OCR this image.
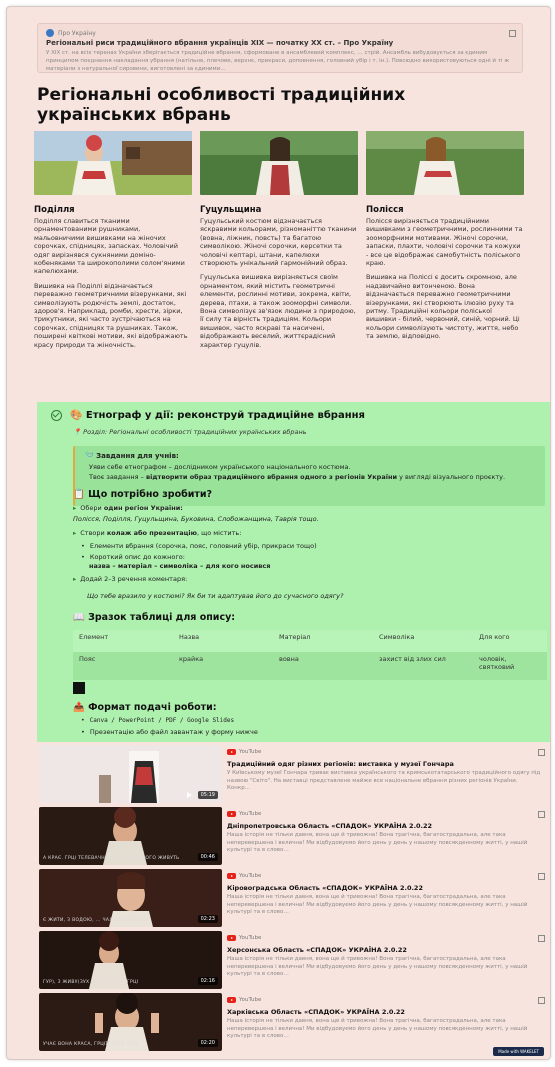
Про Україну
Регіональні риси традиційного вбрання українців XIX — початку XX ст. – Про Україну
У XIX ст. на всіх теренах України зберігається традиційне вбрання, сформоване в ансамблевий комплекс, … стрій. Ансамбль вибудовується за єдиним принципом поєднання накладання убрання (натільне, плечове, верхнє, прикраси, доповнення, головний убір і т. ін.). Повсюдно використовуються одні й ті ж матеріали з натуральної сировини, виготовлені за єдиними…
Регіональні особливості традиційних українських вбрань
Поділля

Поділля славиться тканими орнаментованими рушниками, мальовничими вишивками на жіночих сорочках, спідницях, запасках. Чоловічий одяг вирізнявся сукняними доміно-кобеняками та широкополими солом'яними капелюхами.

Вишивка на Поділлі відзначається переважно геометричними візерунками, які символізують родючість землі, достаток, здоров'я. Наприклад, ромби, хрести, зірки, трикутники, які часто зустрічаються на сорочках, спідницях та рушниках. Також, поширені квіткові мотиви, які відображають красу природи та жіночність.

Гуцульщина

Гуцульський костюм відзначається яскравими кольорами, різноманіттю тканини (вовна, ліжник, повсть) та багатою символікою. Жіночі сорочки, керсетки та чоловічі кептарі, штани, капелюхи створюють унікальний гармонійний образ.

Гуцульська вишивка вирізняється своїм орнаментом, який містить геометричні елементи, рослинні мотиви, зокрема, квіти, дерева, птахи, а також зооморфні символи. Вона символізує зв'язок людини з природою, її силу та вірність традиціям. Кольори вишивок, часто яскраві та насичені, відображають веселий, життєрадісний характер гуцулів.

Полісся

Полісся вирізняється традиційними вишивками з геометричними, рослинними та зооморфними мотивами. Жіночі сорочки, запаски, плахти, чоловічі сорочки та кожухи - все це відображає самобутність поліського краю.

Вишивка на Поліссі є досить скромною, але надзвичайно витонченою. Вона відзначається переважно геометричними візерунками, які створюють ілюзію руху та ритму. Традиційні кольори поліської вишивки - білий, червоний, синій, чорний. Ці кольори символізують чистоту, життя, небо та землю, відповідно.

🎨 Етнограф у дії: реконструй традиційне вбрання
📍 Розділ: Регіональні особливості традиційних українських вбрань
🪡 Завдання для учнів:
Уяви себе етнографом – дослідником українського національного костюма.
Твоє завдання – відтворити образ традиційного вбрання одного з регіонів України у вигляді візуального проєкту.
📋 Що потрібно зробити?
▸ Обери
один
регіон України:
Полісся, Поділля, Гуцульщина, Буковина, Слобожанщина, Таврія тощо.
▸ Створи
колаж або презентацію , що містить:
• Елементи вбрання (сорочка, пояс, головний убір, прикраси тощо)
• Короткий опис до кожного:
назва – матеріал – символіка – для кого носився
▸ Додай 2–3 речення коментаря:
Що тебе вразило у костюмі? Як би ти адаптував його до сучасного одягу?
📖 Зразок таблиці для опису:
Елемент	Назва	Матеріал	Символіка	Для кого
Пояс	крайка	вовна	захист від злих сил	чоловік, святковий
📤 Формат подачі роботи:
• Canva / PowerPoint / PDF / Google Slides
• Презентацію або файл завантаж у форму нижче
05:19
YouTube
Традиційний одяг різних регіонів: виставка у музеї Гончара
У Київському музеї Гончара триває виставка українського та кримськотатарського традиційного одягу під назвою "Світо". На виставці представлене майже все національне вбрання різних регіонів України. Конкр…
А КРАЄ. ГРЦІ ТЕЛЕВАЧНОГО СТОЛОБАЧОГО ЖИВУТЬ	00:46
YouTube
Дніпропетровська Область «СПАДОК» УКРАЇНА 2.0.22
Наша історія не тільки давня, вона ще й тривожна! Вона трагічна, багатострадальна, але така неперевершена і велична! Ми відбудовуємо його день у день у нашому повсякденному житті, у нашій культурі та в слово…
Є ЖИТИ, З ВОДОЮ, ... ЧАЛУТЬ НЕ Є ЩО	02:23
YouTube
Кіровоградська Область «СПАДОК» УКРАЇНА 2.0.22
Наша історія не тільки давня, вона ще й тривожна! Вона трагічна, багатострадальна, але така неперевершена і велична! Ми відбудовуємо його день у день у нашому повсякденному житті, у нашій культурі та в слово…
ГУР), З ЖИВУ(ЗУХ ВАЛА КРАСА, ГРЦІ	02:16
YouTube
Херсонська Область «СПАДОК» УКРАЇНА 2.0.22
Наша історія не тільки давня, вона ще й тривожна! Вона трагічна, багатострадальна, але така неперевершена і велична! Ми відбудовуємо його день у день у нашому повсякденному житті, у нашій культурі та в слово…
УЧАЄ ВОНА КРАСА, ГРЦІЇТ ТЕЛЕ СЕЛІ	02:20
YouTube
Харківська Область «СПАДОК» УКРАЇНА 2.0.22
Наша історія не тільки давня, вона ще й тривожна! Вона трагічна, багатострадальна, але така неперевершена і велична! Ми відбудовуємо його день у день у нашому повсякденному житті, у нашій культурі та в слово…
Made with WAKELET
